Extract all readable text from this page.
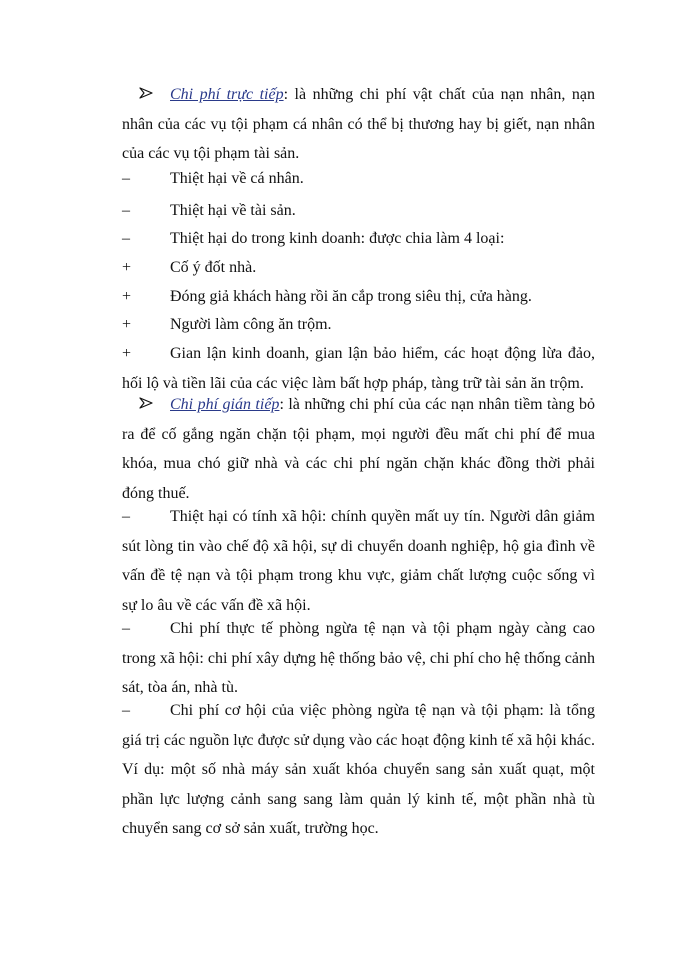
Chi phí trực tiếp: là những chi phí vật chất của nạn nhân, nạn nhân của các vụ tội phạm cá nhân có thể bị thương hay bị giết, nạn nhân của các vụ tội phạm tài sản.

–	Thiệt hại về cá nhân.

–	Thiệt hại về tài sản.

–	Thiệt hại do trong kinh doanh: được chia làm 4 loại:

+ Cố ý đốt nhà.

+ Đóng giả khách hàng rồi ăn cắp trong siêu thị, cửa hàng.

+ Người làm công ăn trộm.

+ Gian lận kinh doanh, gian lận bảo hiểm, các hoạt động lừa đảo, hối lộ và tiền lãi của các việc làm bất hợp pháp, tàng trữ tài sản ăn trộm.

Chi phí gián tiếp: là những chi phí của các nạn nhân tiềm tàng bỏ ra để cố gắng ngăn chặn tội phạm, mọi người đều mất chi phí để mua khóa, mua chó giữ nhà và các chi phí ngăn chặn khác đồng thời phải đóng thuế.

–	Thiệt hại có tính xã hội: chính quyền mất uy tín. Người dân giảm sút lòng tin vào chế độ xã hội, sự di chuyển doanh nghiệp, hộ gia đình về vấn đề tệ nạn và tội phạm trong khu vực, giảm chất lượng cuộc sống vì sự lo âu về các vấn đề xã hội.

–	Chi phí thực tế phòng ngừa tệ nạn và tội phạm ngày càng cao trong xã hội: chi phí xây dựng hệ thống bảo vệ, chi phí cho hệ thống cảnh sát, tòa án, nhà tù.

–	Chi phí cơ hội của việc phòng ngừa tệ nạn và tội phạm: là tổng giá trị các nguồn lực được sử dụng vào các hoạt động kinh tế xã hội khác. Ví dụ: một số nhà máy sản xuất khóa chuyển sang sản xuất quạt, một phần lực lượng cảnh sang sang làm quản lý kinh tế, một phần nhà tù chuyển sang cơ sở sản xuất, trường học.
